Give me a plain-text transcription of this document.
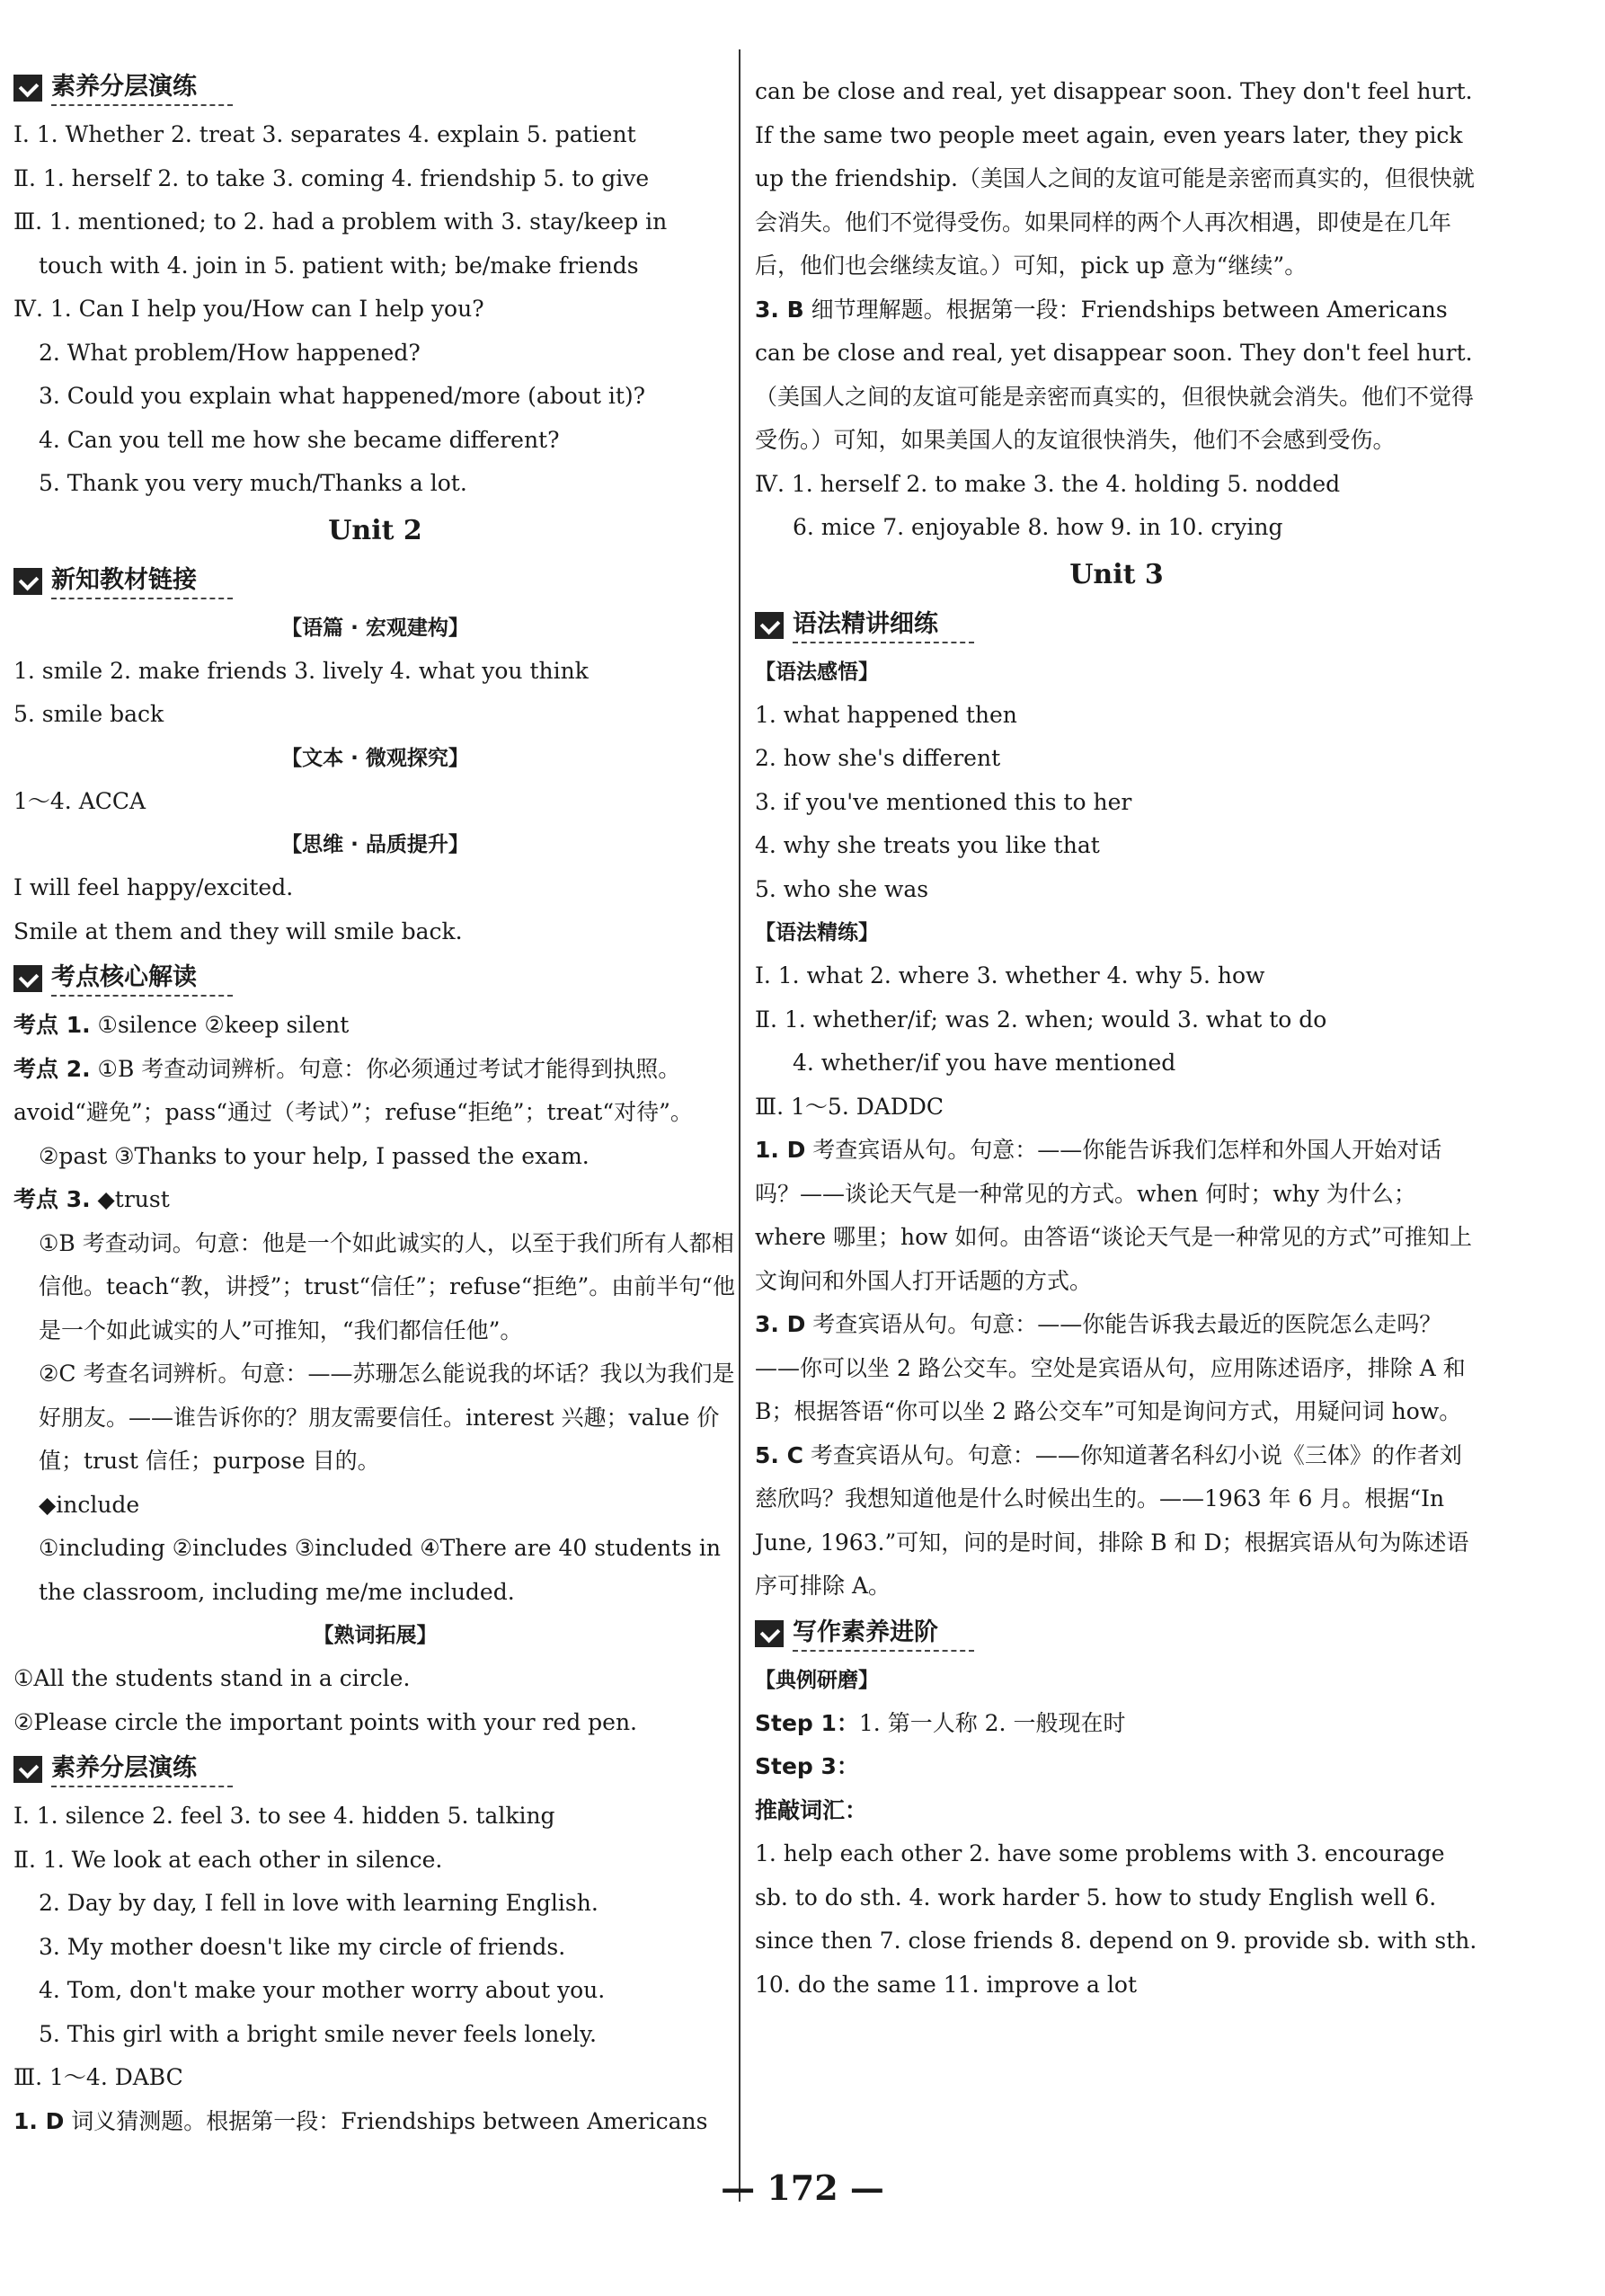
素养分层演练

Ⅰ. 1. Whether 2. treat 3. separates 4. explain 5. patient

Ⅱ. 1. herself 2. to take 3. coming 4. friendship 5. to give

Ⅲ. 1. mentioned; to 2. had a problem with 3. stay/keep in

touch with 4. join in 5. patient with; be/make friends

Ⅳ. 1. Can I help you/How can I help you?

2. What problem/How happened?

3. Could you explain what happened/more (about it)?

4. Can you tell me how she became different?

5. Thank you very much/Thanks a lot.

Unit 2

新知教材链接

【语篇 · 宏观建构】

1. smile 2. make friends 3. lively 4. what you think

5. smile back

【文本 · 微观探究】

1～4. ACCA

【思维 · 品质提升】

I will feel happy/excited.

Smile at them and they will smile back.

考点核心解读

考点 1. ①silence ②keep silent

考点 2. ①B 考查动词辨析。句意：你必须通过考试才能得到执照。avoid“避免”；pass“通过（考试）”；refuse“拒绝”；treat“对待”。

②past ③Thanks to your help, I passed the exam.

考点 3. ◆trust

①B 考查动词。句意：他是一个如此诚实的人，以至于我们所有人都相信他。teach“教，讲授”；trust“信任”；refuse“拒绝”。由前半句“他是一个如此诚实的人”可推知，“我们都信任他”。

②C 考查名词辨析。句意：——苏珊怎么能说我的坏话？我以为我们是好朋友。——谁告诉你的？朋友需要信任。interest 兴趣；value 价值；trust 信任；purpose 目的。

◆include

①including ②includes ③included ④There are 40 students in the classroom, including me/me included.

【熟词拓展】

①All the students stand in a circle.

②Please circle the important points with your red pen.

素养分层演练

Ⅰ. 1. silence 2. feel 3. to see 4. hidden 5. talking

Ⅱ. 1. We look at each other in silence.

2. Day by day, I fell in love with learning English.

3. My mother doesn't like my circle of friends.

4. Tom, don't make your mother worry about you.

5. This girl with a bright smile never feels lonely.

Ⅲ. 1～4. DABC

1. D 词义猜测题。根据第一段：Friendships between Americans

can be close and real, yet disappear soon. They don't feel hurt. If the same two people meet again, even years later, they pick up the friendship.（美国人之间的友谊可能是亲密而真实的，但很快就会消失。他们不觉得受伤。如果同样的两个人再次相遇，即使是在几年后，他们也会继续友谊。）可知，pick up 意为“继续”。

3. B 细节理解题。根据第一段：Friendships between Americans can be close and real, yet disappear soon. They don't feel hurt.（美国人之间的友谊可能是亲密而真实的，但很快就会消失。他们不觉得受伤。）可知，如果美国人的友谊很快消失，他们不会感到受伤。

Ⅳ. 1. herself 2. to make 3. the 4. holding 5. nodded

6. mice 7. enjoyable 8. how 9. in 10. crying

Unit 3

语法精讲细练

【语法感悟】

1. what happened then

2. how she's different

3. if you've mentioned this to her

4. why she treats you like that

5. who she was

【语法精练】

Ⅰ. 1. what 2. where 3. whether 4. why 5. how

Ⅱ. 1. whether/if; was 2. when; would 3. what to do

4. whether/if you have mentioned

Ⅲ. 1～5. DADDC

1. D 考查宾语从句。句意：——你能告诉我们怎样和外国人开始对话吗？——谈论天气是一种常见的方式。when 何时；why 为什么；where 哪里；how 如何。由答语“谈论天气是一种常见的方式”可推知上文询问和外国人打开话题的方式。

3. D 考查宾语从句。句意：——你能告诉我去最近的医院怎么走吗？——你可以坐 2 路公交车。空处是宾语从句，应用陈述语序，排除 A 和 B；根据答语“你可以坐 2 路公交车”可知是询问方式，用疑问词 how。

5. C 考查宾语从句。句意：——你知道著名科幻小说《三体》的作者刘慈欣吗？我想知道他是什么时候出生的。——1963 年 6 月。根据“In June, 1963.”可知，问的是时间，排除 B 和 D；根据宾语从句为陈述语序可排除 A。

写作素养进阶

【典例研磨】

Step 1：1. 第一人称 2. 一般现在时

Step 3：

推敲词汇：

1. help each other 2. have some problems with 3. encourage sb. to do sth. 4. work harder 5. how to study English well 6. since then 7. close friends 8. depend on 9. provide sb. with sth. 10. do the same 11. improve a lot

— 172 —
